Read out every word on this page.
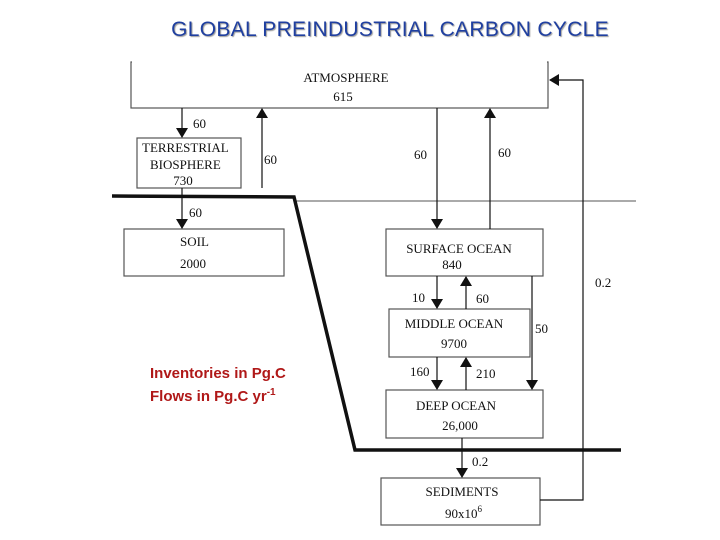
GLOBAL PREINDUSTRIAL CARBON CYCLE
ATMOSPHERE
615
TERRESTRIAL
BIOSPHERE
730
SOIL
2000
SURFACE OCEAN
840
MIDDLE OCEAN
9700
DEEP OCEAN
26,000
SEDIMENTS
$90x10^6$
60
60	60	60
60
10	60
50
160	210
0.2
0.2
Inventories in Pg.C
Flows in Pg.C $yr^{-1}$
